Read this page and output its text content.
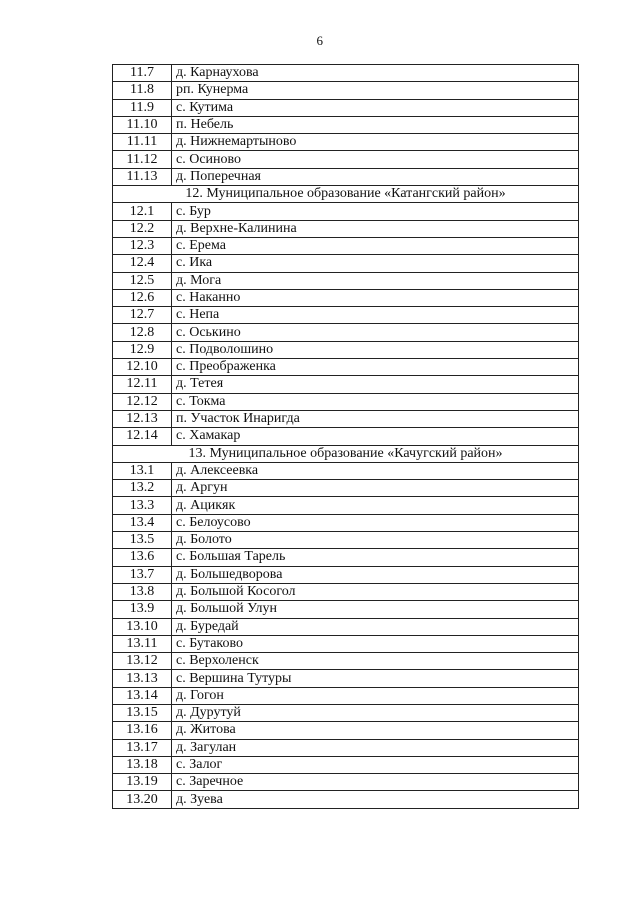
6
11.7	д. Карнаухова
11.8	рп. Кунерма
11.9	с. Кутима
11.10	п. Небель
11.11	д. Нижнемартыново
11.12	с. Осиново
11.13	д. Поперечная
12. Муниципальное образование «Катангский район»	
12.1	с. Бур
12.2	д. Верхне-Калинина
12.3	с. Ерема
12.4	с. Ика
12.5	д. Мога
12.6	с. Наканно
12.7	с. Непа
12.8	с. Оськино
12.9	с. Подволошино
12.10	с. Преображенка
12.11	д. Тетея
12.12	с. Токма
12.13	п. Участок Инаригда
12.14	с. Хамакар
13. Муниципальное образование «Качугский район»	
13.1	д. Алексеевка
13.2	д. Аргун
13.3	д. Ацикяк
13.4	с. Белоусово
13.5	д. Болото
13.6	с. Большая Тарель
13.7	д. Большедворова
13.8	д. Большой Косогол
13.9	д. Большой Улун
13.10	д. Буредай
13.11	с. Бутаково
13.12	с. Верхоленск
13.13	с. Вершина Тутуры
13.14	д. Гогон
13.15	д. Дурутуй
13.16	д. Житова
13.17	д. Загулан
13.18	с. Залог
13.19	с. Заречное
13.20	д. Зуева
